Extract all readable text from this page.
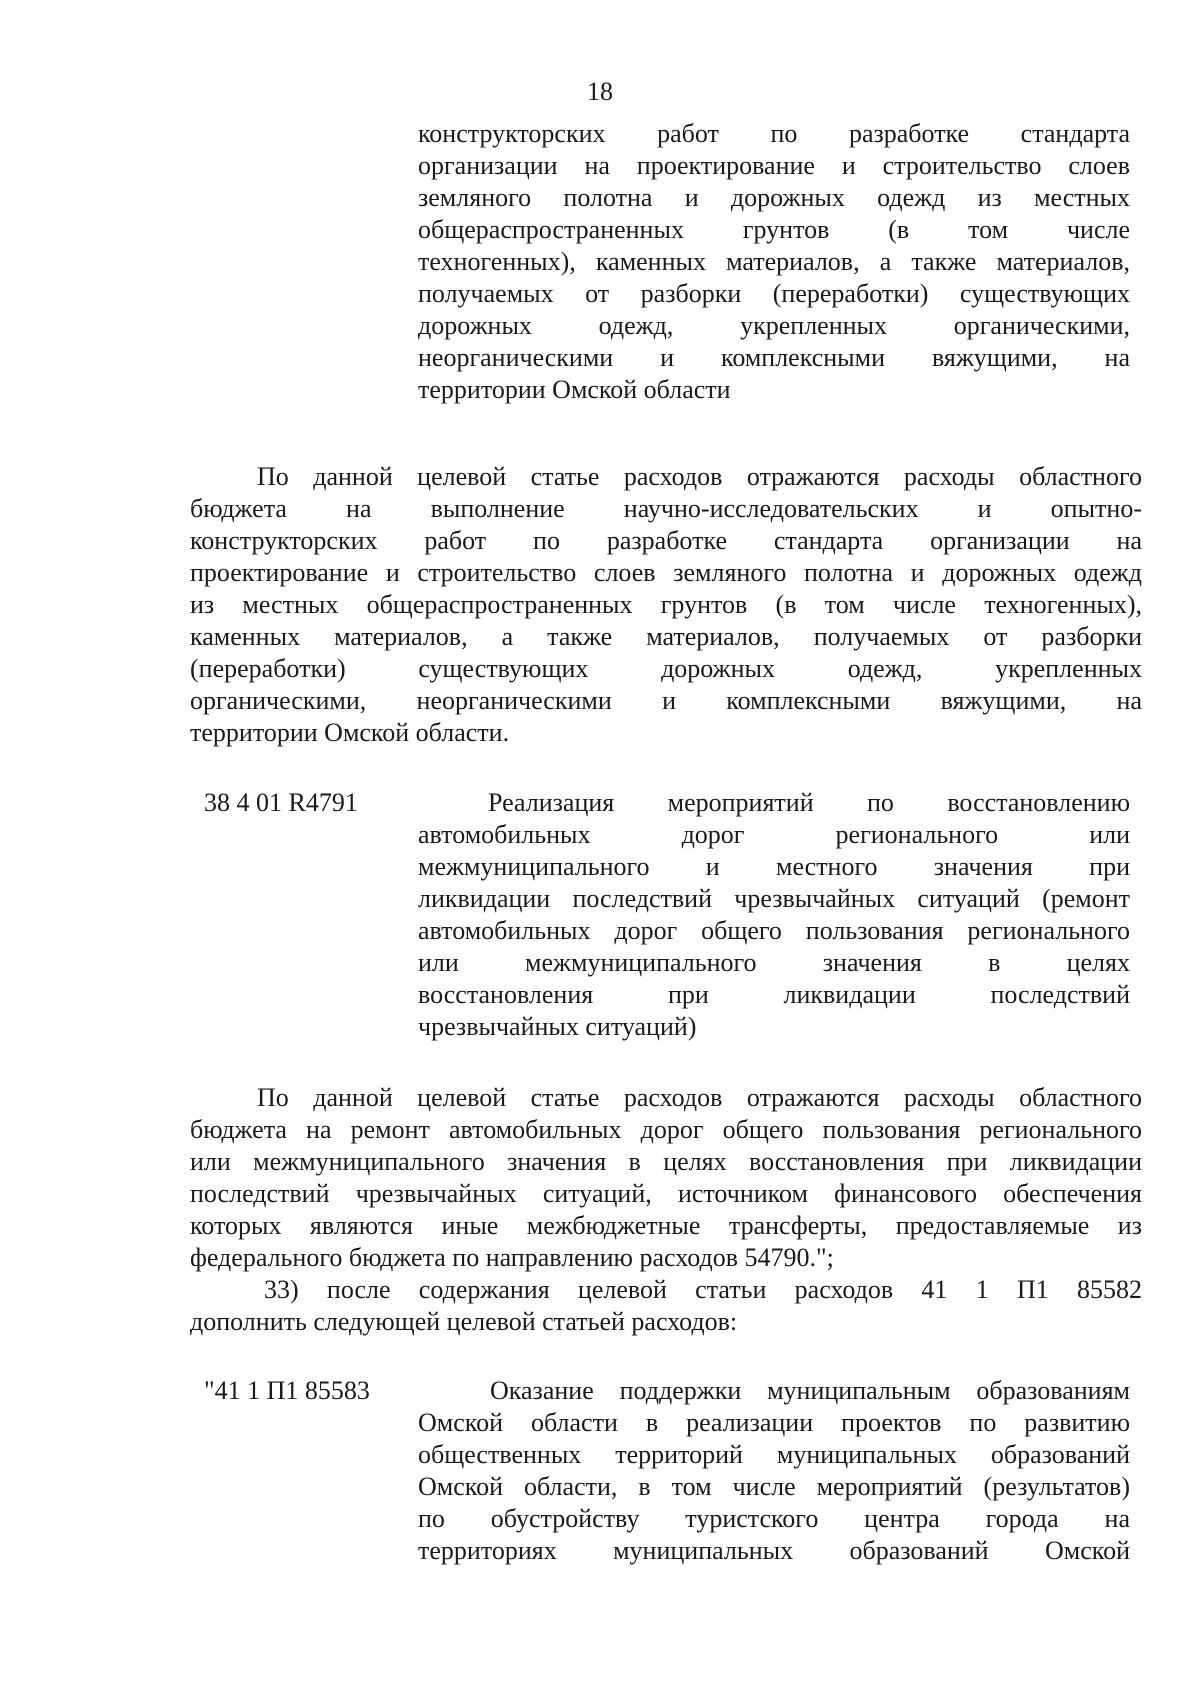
18
конструкторских работ по разработке стандарта
организации на проектирование и строительство слоев
земляного полотна и дорожных одежд из местных
общераспространенных грунтов (в том числе
техногенных), каменных материалов, а также материалов,
получаемых от разборки (переработки) существующих
дорожных одежд, укрепленных органическими,
неорганическими и комплексными вяжущими, на
территории Омской области
По данной целевой статье расходов отражаются расходы областного
бюджета на выполнение научно-исследовательских и опытно-
конструкторских работ по разработке стандарта организации на
проектирование и строительство слоев земляного полотна и дорожных одежд
из местных общераспространенных грунтов (в том числе техногенных),
каменных материалов, а также материалов, получаемых от разборки
(переработки) существующих дорожных одежд, укрепленных
органическими, неорганическими и комплексными вяжущими, на
территории Омской области.
38 4 01 R4791	Реализация мероприятий по восстановлению
автомобильных дорог регионального или
межмуниципального и местного значения при
ликвидации последствий чрезвычайных ситуаций (ремонт
автомобильных дорог общего пользования регионального
или межмуниципального значения в целях
восстановления при ликвидации последствий
чрезвычайных ситуаций)
По данной целевой статье расходов отражаются расходы областного
бюджета на ремонт автомобильных дорог общего пользования регионального
или межмуниципального значения в целях восстановления при ликвидации
последствий чрезвычайных ситуаций, источником финансового обеспечения
которых являются иные межбюджетные трансферты, предоставляемые из
федерального бюджета по направлению расходов 54790.";
33) после содержания целевой статьи расходов 41 1 П1 85582
дополнить следующей целевой статьей расходов:
"41 1 П1 85583	Оказание поддержки муниципальным образованиям
Омской области в реализации проектов по развитию
общественных территорий муниципальных образований
Омской области, в том числе мероприятий (результатов)
по обустройству туристского центра города на
территориях муниципальных образований Омской
